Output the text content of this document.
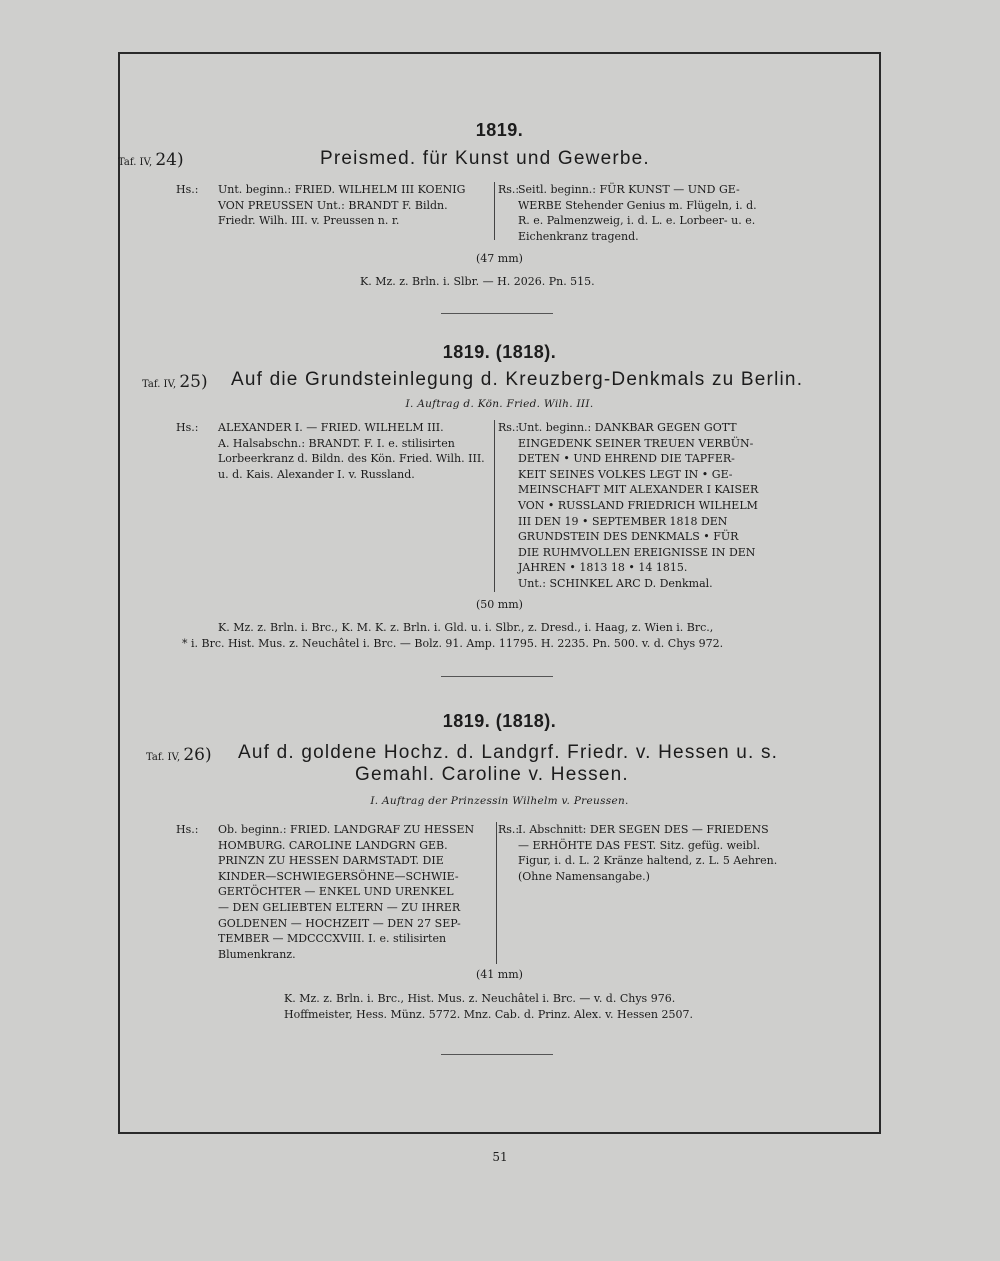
1819.
Taf. IV, 24)	Preismed. für Kunst und Gewerbe.
Hs.: Unt. beginn.: FRIED. WILHELM III KOENIG
VON PREUSSEN Unt.: BRANDT F. Bildn.
Friedr. Wilh. III. v. Preussen n. r.
Rs.:
Seitl. beginn.: FÜR KUNST — UND GE-
WERBE Stehender Genius m. Flügeln, i. d.
R. e. Palmenzweig, i. d. L. e. Lorbeer- u. e.
Eichenkranz tragend.
(47 mm)
K. Mz. z. Brln. i. Slbr. — H. 2026. Pn. 515.
1819. (1818).
Taf. IV, 25) Auf die Grundsteinlegung d. Kreuzberg-Denkmals zu Berlin.
I. Auftrag d. Kön. Fried. Wilh. III.
Hs.: ALEXANDER I. — FRIED. WILHELM III.
A. Halsabschn.: BRANDT. F. I. e. stilisirten
Lorbeerkranz d. Bildn. des Kön. Fried. Wilh. III.
u. d. Kais. Alexander I. v. Russland.
Rs.:
Unt. beginn.: DANKBAR GEGEN GOTT
EINGEDENK SEINER TREUEN VERBÜN-
DETEN • UND EHREND DIE TAPFER-
KEIT SEINES VOLKES LEGT IN • GE-
MEINSCHAFT MIT ALEXANDER I KAISER
VON • RUSSLAND FRIEDRICH WILHELM
III DEN 19 • SEPTEMBER 1818 DEN
GRUNDSTEIN DES DENKMALS • FÜR
DIE RUHMVOLLEN EREIGNISSE IN DEN
JAHREN • 1813 18 • 14 1815.
Unt.: SCHINKEL ARC D. Denkmal.
(50 mm)
K. Mz. z. Brln. i. Brc., K. M. K. z. Brln. i. Gld. u. i. Slbr., z. Dresd., i. Haag, z. Wien i. Brc.,
* i. Brc. Hist. Mus. z. Neuchâtel i. Brc. — Bolz. 91. Amp. 11795. H. 2235. Pn. 500. v. d. Chys 972.
1819. (1818).
Taf. IV, 26) Auf d. goldene Hochz. d. Landgrf. Friedr. v. Hessen u. s.
Gemahl. Caroline v. Hessen.
I. Auftrag der Prinzessin Wilhelm v. Preussen.
Hs.: Ob. beginn.: FRIED. LANDGRAF ZU HESSEN
HOMBURG. CAROLINE LANDGRN GEB.
PRINZN ZU HESSEN DARMSTADT. DIE
KINDER—SCHWIEGERSÖHNE—SCHWIE-
GERTÖCHTER — ENKEL UND URENKEL
— DEN GELIEBTEN ELTERN — ZU IHRER
GOLDENEN — HOCHZEIT — DEN 27 SEP-
TEMBER — MDCCCXVIII. I. e. stilisirten
Blumenkranz.
Rs.:
I. Abschnitt: DER SEGEN DES — FRIEDENS
— ERHÖHTE DAS FEST. Sitz. gefüg. weibl.
Figur, i. d. L. 2 Kränze haltend, z. L. 5 Aehren.
(Ohne Namensangabe.)
(41 mm)
K. Mz. z. Brln. i. Brc., Hist. Mus. z. Neuchâtel i. Brc. — v. d. Chys 976.
Hoffmeister, Hess. Münz. 5772. Mnz. Cab. d. Prinz. Alex. v. Hessen 2507.
51
